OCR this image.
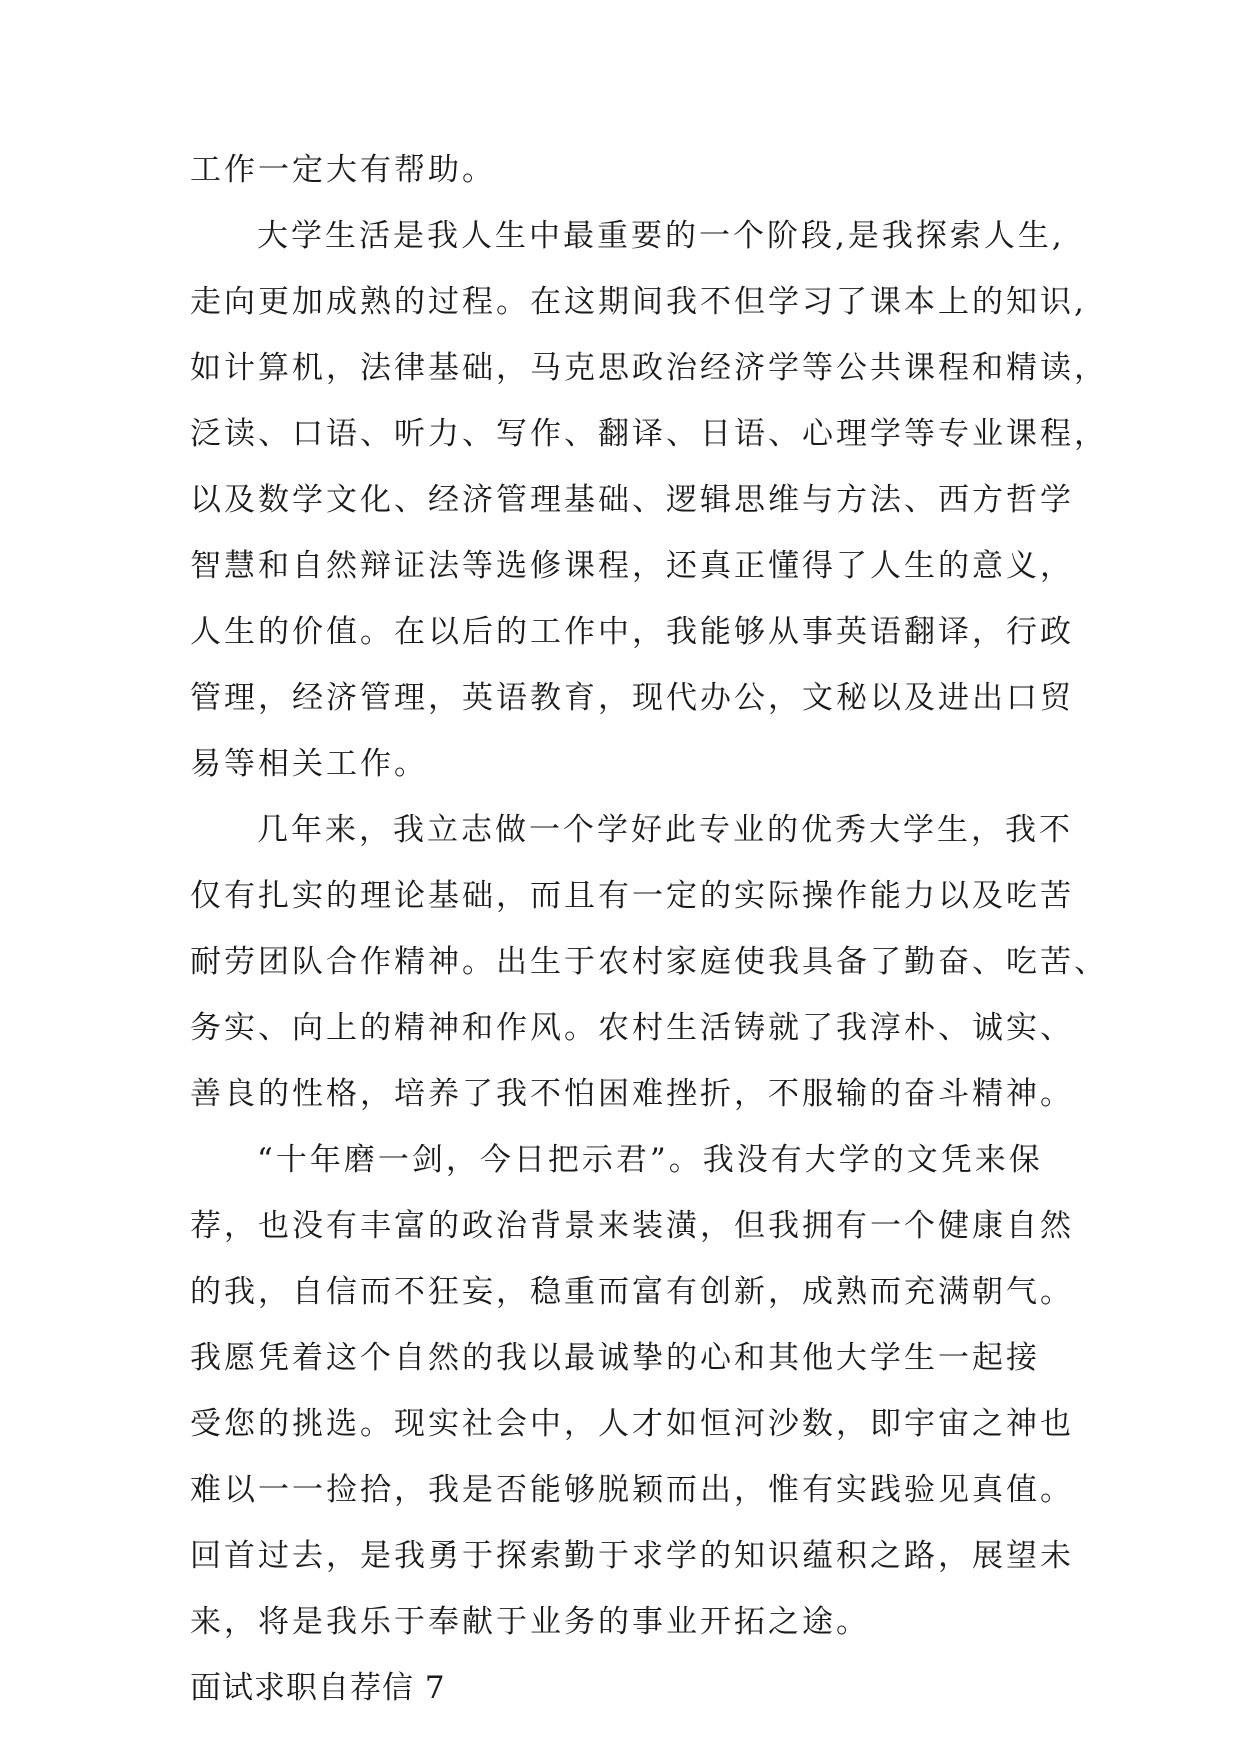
工作一定大有帮助。
大学生活是我人生中最重要的一个阶段,是我探索人生,
走向更加成熟的过程。在这期间我不但学习了课本上的知识,
如计算机，法律基础，马克思政治经济学等公共课程和精读，
泛读、口语、听力、写作、翻译、日语、心理学等专业课程，
以及数学文化、经济管理基础、逻辑思维与方法、西方哲学
智慧和自然辩证法等选修课程，还真正懂得了人生的意义，
人生的价值。在以后的工作中，我能够从事英语翻译，行政
管理，经济管理，英语教育，现代办公，文秘以及进出口贸
易等相关工作。
几年来，我立志做一个学好此专业的优秀大学生，我不
仅有扎实的理论基础，而且有一定的实际操作能力以及吃苦
耐劳团队合作精神。出生于农村家庭使我具备了勤奋、吃苦、
务实、向上的精神和作风。农村生活铸就了我淳朴、诚实、
善良的性格，培养了我不怕困难挫折，不服输的奋斗精神。
“十年磨一剑，今日把示君”。我没有大学的文凭来保
荐，也没有丰富的政治背景来装潢，但我拥有一个健康自然
的我，自信而不狂妄，稳重而富有创新，成熟而充满朝气。
我愿凭着这个自然的我以最诚挚的心和其他大学生一起接
受您的挑选。现实社会中，人才如恒河沙数，即宇宙之神也
难以一一捡拾，我是否能够脱颖而出，惟有实践验见真值。
回首过去，是我勇于探索勤于求学的知识蕴积之路，展望未
来，将是我乐于奉献于业务的事业开拓之途。
面试求职自荐信 7
